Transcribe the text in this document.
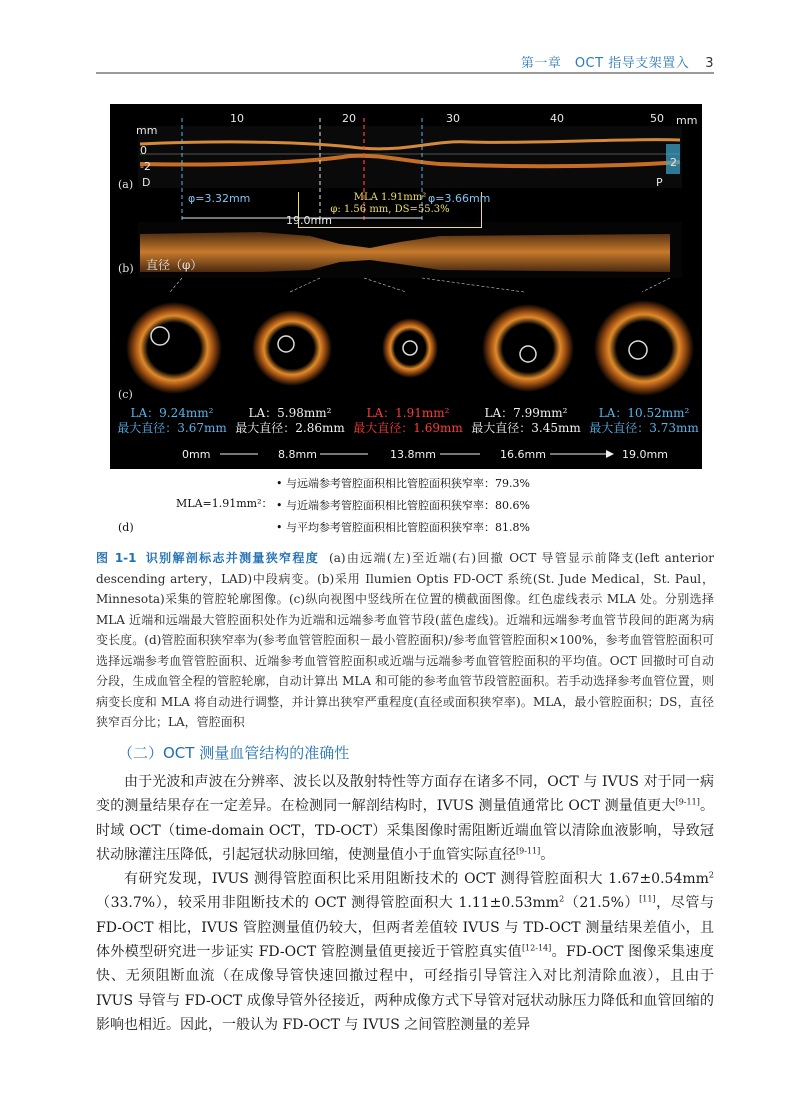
第一章　OCT 指导支架置入 3
mm
mm
10	20	30	40	50
0
-2	2
D	P
(a)
φ=3.32mm	MLA 1.91mm²
φ: 1.56 mm, DS=55.3%
φ=3.66mm
19.0mm
(b) 直径（φ）
(c)
LA：9.24mm²
最大直径：3.67mm
LA：5.98mm²
最大直径：2.86mm
LA：1.91mm²
最大直径：1.69mm
LA：7.99mm²
最大直径：3.45mm
LA：10.52mm²
最大直径：3.73mm
0mm	8.8mm	13.8mm	16.6mm	19.0mm
MLA=1.91mm²：
• 与远端参考管腔面积相比管腔面积狭窄率：79.3%
• 与近端参考管腔面积相比管腔面积狭窄率：80.6%
• 与平均参考管腔面积相比管腔面积狭窄率：81.8%
(d)
图 1-1 识别解剖标志并测量狭窄程度 (a)由远端(左)至近端(右)回撤 OCT 导管显示前降支(left anterior descending artery，LAD)中段病变。(b)采用 Ilumien Optis FD-OCT 系统(St. Jude Medical，St. Paul，Minnesota)采集的管腔轮廓图像。(c)纵向视图中竖线所在位置的横截面图像。红色虚线表示 MLA 处。分别选择 MLA 近端和远端最大管腔面积处作为近端和远端参考血管节段(蓝色虚线)。近端和远端参考血管节段间的距离为病变长度。(d)管腔面积狭窄率为(参考血管管腔面积－最小管腔面积)/参考血管管腔面积×100%，参考血管管腔面积可选择远端参考血管管腔面积、近端参考血管管腔面积或近端与远端参考血管管腔面积的平均值。OCT 回撤时可自动分段，生成血管全程的管腔轮廓，自动计算出 MLA 和可能的参考血管节段管腔面积。若手动选择参考血管位置，则病变长度和 MLA 将自动进行调整，并计算出狭窄严重程度(直径或面积狭窄率)。MLA，最小管腔面积；DS，直径狭窄百分比；LA，管腔面积
（二）OCT 测量血管结构的准确性

由于光波和声波在分辨率、波长以及散射特性等方面存在诸多不同，OCT 与 IVUS 对于同一病变的测量结果存在一定差异。在检测同一解剖结构时，IVUS 测量值通常比 OCT 测量值更大[9-11]。时域 OCT（time-domain OCT，TD-OCT）采集图像时需阻断近端血管以清除血液影响，导致冠状动脉灌注压降低，引起冠状动脉回缩，使测量值小于血管实际直径[9-11]。

有研究发现，IVUS 测得管腔面积比采用阻断技术的 OCT 测得管腔面积大 $1.67\pm 0.54mm^2(33.7\%)$，较采用非阻断技术的 OCT 测得管腔面积大 $1.11\pm 0.53mm^2(21.5\%)[11]$，尽管与 FD-OCT 相比，IVUS 管腔测量值仍较大，但两者差值较 IVUS 与 TD-OCT 测量结果差值小，且体外模型研究进一步证实 FD-OCT 管腔测量值更接近于管腔真实值[12-14]。FD-OCT 图像采集速度快、无须阻断血流（在成像导管快速回撤过程中，可经指引导管注入对比剂清除血液），且由于 IVUS 导管与 FD-OCT 成像导管外径接近，两种成像方式下导管对冠状动脉压力降低和血管回缩的影响也相近。因此，一般认为 FD-OCT 与 IVUS 之间管腔测量的差异
